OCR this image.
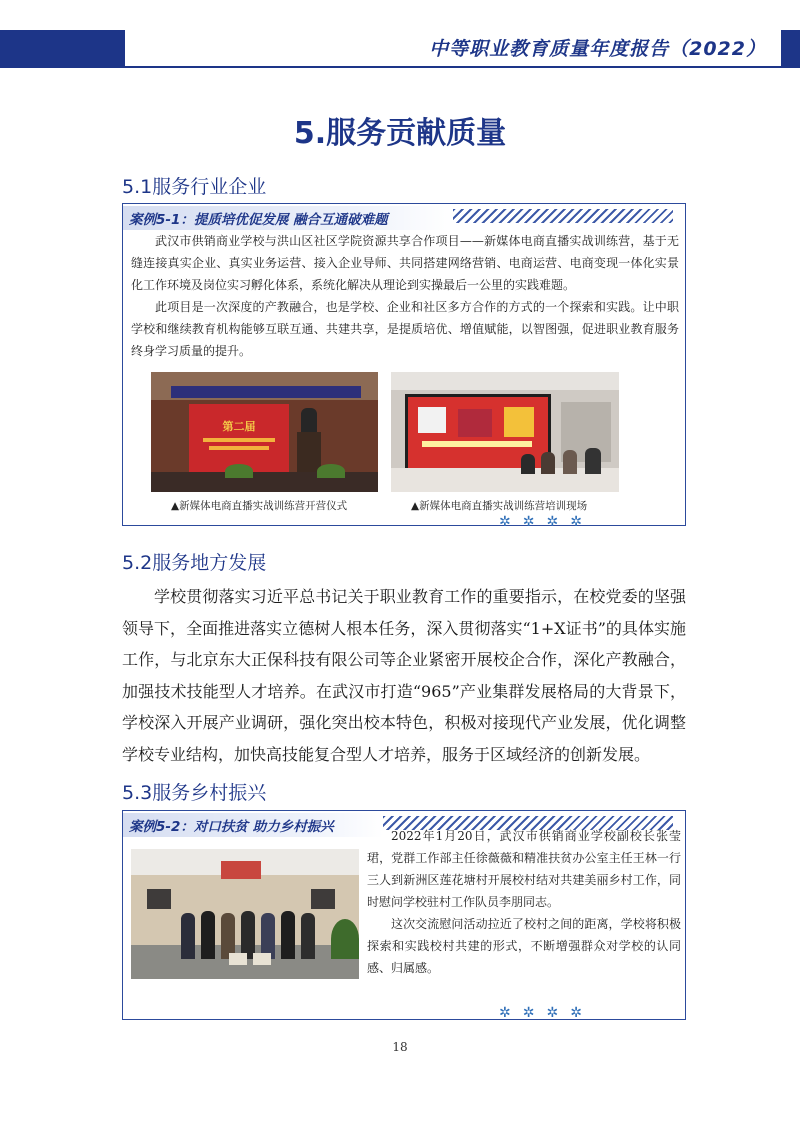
中等职业教育质量年度报告（2022）
5.服务贡献质量
5.1服务行业企业
案例5-1：提质培优促发展 融合互通破难题

武汉市供销商业学校与洪山区社区学院资源共享合作项目——新媒体电商直播实战训练营，基于无缝连接真实企业、真实业务运营、接入企业导师、共同搭建网络营销、电商运营、电商变现一体化实景化工作环境及岗位实习孵化体系，系统化解决从理论到实操最后一公里的实践难题。

此项目是一次深度的产教融合，也是学校、企业和社区多方合作的方式的一个探索和实践。让中职学校和继续教育机构能够互联互通、共建共享，是提质培优、增值赋能，以智图强，促进职业教育服务终身学习质量的提升。

第二届
▲新媒体电商直播实战训练营开营仪式	▲新媒体电商直播实战训练营培训现场
✲✲✲✲
5.2服务地方发展

学校贯彻落实习近平总书记关于职业教育工作的重要指示，在校党委的坚强领导下，全面推进落实立德树人根本任务，深入贯彻落实“1+X证书”的具体实施工作，与北京东大正保科技有限公司等企业紧密开展校企合作，深化产教融合，加强技术技能型人才培养。在武汉市打造“965”产业集群发展格局的大背景下，学校深入开展产业调研，强化突出校本特色，积极对接现代产业发展，优化调整学校专业结构，加快高技能复合型人才培养，服务于区域经济的创新发展。

5.3服务乡村振兴
案例5-2：对口扶贫 助力乡村振兴

2022年1月20日，武汉市供销商业学校副校长张莹珺，党群工作部主任徐薇薇和精准扶贫办公室主任王林一行三人到新洲区莲花塘村开展校村结对共建美丽乡村工作，同时慰问学校驻村工作队员李朋同志。

这次交流慰问活动拉近了校村之间的距离，学校将积极探索和实践校村共建的形式，不断增强群众对学校的认同感、归属感。

✲✲✲✲
18
